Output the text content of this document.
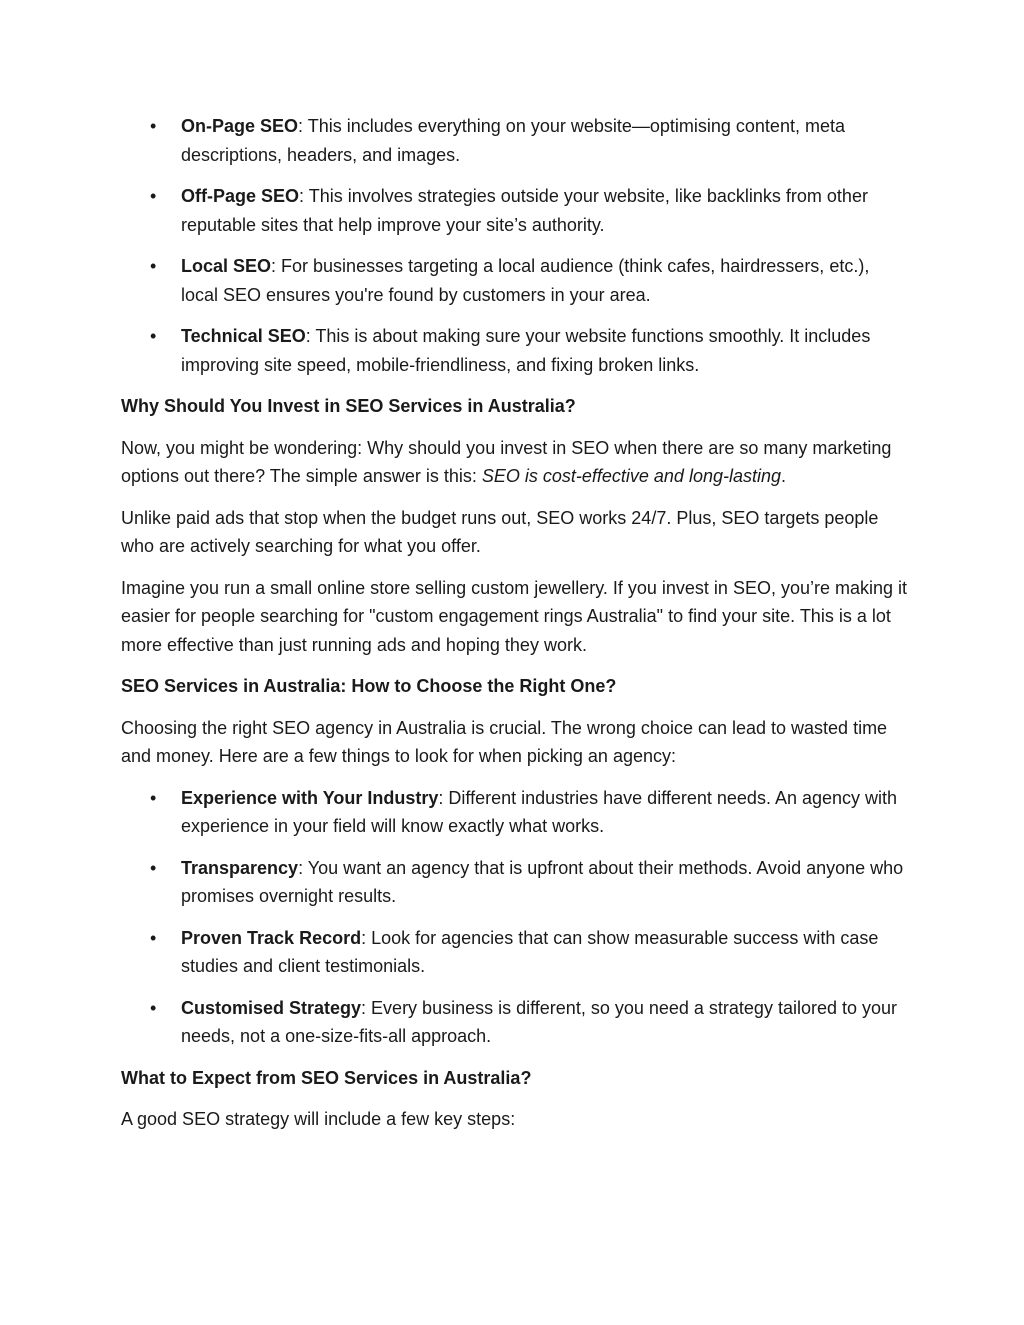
• On-Page SEO: This includes everything on your website—optimising content, meta descriptions, headers, and images.
• Off-Page SEO: This involves strategies outside your website, like backlinks from other reputable sites that help improve your site’s authority.
• Local SEO: For businesses targeting a local audience (think cafes, hairdressers, etc.), local SEO ensures you're found by customers in your area.
• Technical SEO: This is about making sure your website functions smoothly. It includes improving site speed, mobile-friendliness, and fixing broken links.
Why Should You Invest in SEO Services in Australia?

Now, you might be wondering: Why should you invest in SEO when there are so many marketing options out there? The simple answer is this: SEO is cost-effective and long-lasting.

Unlike paid ads that stop when the budget runs out, SEO works 24/7. Plus, SEO targets people who are actively searching for what you offer.

Imagine you run a small online store selling custom jewellery. If you invest in SEO, you’re making it easier for people searching for "custom engagement rings Australia" to find your site. This is a lot more effective than just running ads and hoping they work.

SEO Services in Australia: How to Choose the Right One?

Choosing the right SEO agency in Australia is crucial. The wrong choice can lead to wasted time and money. Here are a few things to look for when picking an agency:

• Experience with Your Industry: Different industries have different needs. An agency with experience in your field will know exactly what works.
• Transparency: You want an agency that is upfront about their methods. Avoid anyone who promises overnight results.
• Proven Track Record: Look for agencies that can show measurable success with case studies and client testimonials.
• Customised Strategy: Every business is different, so you need a strategy tailored to your needs, not a one-size-fits-all approach.
What to Expect from SEO Services in Australia?

A good SEO strategy will include a few key steps:
